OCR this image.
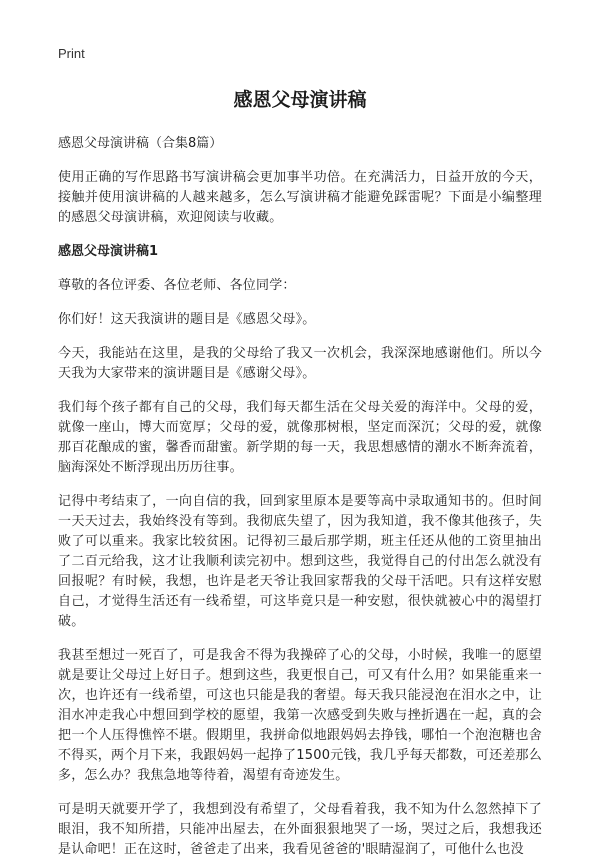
Print
感恩父母演讲稿
感恩父母演讲稿（合集8篇）
使用正确的写作思路书写演讲稿会更加事半功倍。在充满活力，日益开放的今天，接触并使用演讲稿的人越来越多，怎么写演讲稿才能避免踩雷呢？下面是小编整理的感恩父母演讲稿，欢迎阅读与收藏。
感恩父母演讲稿1
尊敬的各位评委、各位老师、各位同学：
你们好！这天我演讲的题目是《感恩父母》。
今天，我能站在这里，是我的父母给了我又一次机会，我深深地感谢他们。所以今天我为大家带来的演讲题目是《感谢父母》。
我们每个孩子都有自己的父母，我们每天都生活在父母关爱的海洋中。父母的爱，就像一座山，博大而宽厚；父母的爱，就像那树根，坚定而深沉；父母的爱，就像那百花酿成的蜜，馨香而甜蜜。新学期的每一天，我思想感情的潮水不断奔流着，脑海深处不断浮现出历历往事。
记得中考结束了，一向自信的我，回到家里原本是要等高中录取通知书的。但时间一天天过去，我始终没有等到。我彻底失望了，因为我知道，我不像其他孩子，失败了可以重来。我家比较贫困。记得初三最后那学期，班主任还从他的工资里抽出了二百元给我，这才让我顺利读完初中。想到这些，我觉得自己的付出怎么就没有回报呢？有时候，我想，也许是老天爷让我回家帮我的父母干活吧。只有这样安慰自己，才觉得生活还有一线希望，可这毕竟只是一种安慰，很快就被心中的渴望打破。
我甚至想过一死百了，可是我舍不得为我操碎了心的父母，小时候，我唯一的愿望就是要让父母过上好日子。想到这些，我更恨自己，可又有什么用？如果能重来一次，也许还有一线希望，可这也只能是我的奢望。每天我只能浸泡在泪水之中，让泪水冲走我心中想回到学校的愿望，我第一次感受到失败与挫折遇在一起，真的会把一个人压得憔悴不堪。假期里，我拼命似地跟妈妈去挣钱，哪怕一个泡泡糖也舍不得买，两个月下来，我跟妈妈一起挣了1500元钱，我几乎每天都数，可还差那么多，怎么办？我焦急地等待着，渴望有奇迹发生。
可是明天就要开学了，我想到没有希望了，父母看着我，我不知为什么忽然掉下了眼泪，我不知所措，只能冲出屋去，在外面狠狠地哭了一场，哭过之后，我想我还是认命吧！正在这时，爸爸走了出来，我看见爸爸的'眼睛湿润了，可他什么也没
